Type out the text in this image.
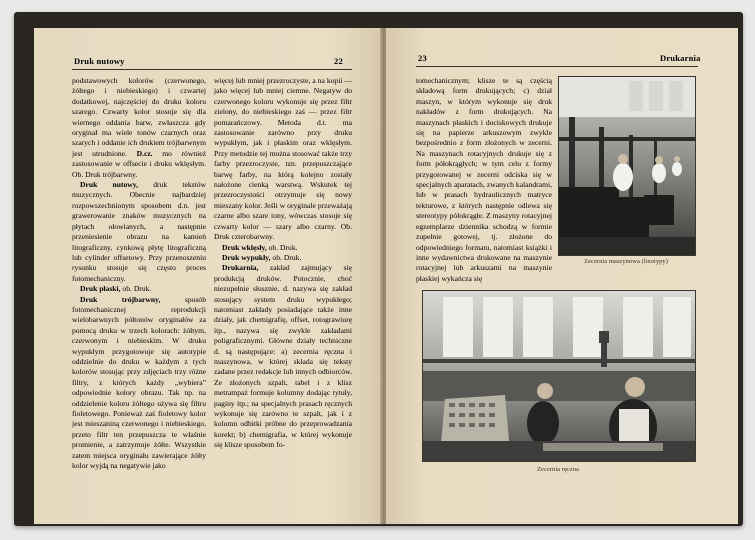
Druk nutowy	22

podstawowych kolorów (czerwonego, żółtego i niebieskiego) i czwartej dodatkowej, najczęściej do druku koloru szarego. Czwarty kolor stosuje się dla wiernego oddania barw, zwłaszcza gdy oryginał ma wiele tonów czarnych oraz szarych i oddanie ich drukiem trójbarwnym jest utrudnione. D.cz. mo również zastosowanie w offsecie i druku wklęsłym. Ob. Druk trójbarwny.

Druk nutowy, druk tekstów muzycznych. Obecnie najbardziej rozpowszechnionym sposobem d.n. jest grawerowanie znaków muzycznych na płytach ołowianych, a następnie przeniesienie obrazu na kamień litograficzny, cynkową płytę litograficzną lub cylinder offsetowy. Przy przenoszeniu rysunku stosuje się często proces fotomechaniczny.

Druk płaski, ob. Druk.

Druk trójbarwny, sposób fotomechanicznej reprodukcji wielobarwnych półtonów oryginałów za pomocą druku w trzech kolorach: żółtym, czerwonym i niebieskim. W druku wypukłym przygotowuje się autotypie oddzielnie do druku w każdym z tych kolorów stosując przy zdjęciach trzy różne filtry, z których każdy „wybiera” odpowiednie kolory obrazu. Tak np. na oddzielenie koloru żółtego używa się filtru fioletowego. Ponieważ zaś fioletowy kolor jest mieszaniną czerwonego i niebieskiego, przeto filtr ten przepuszcza te właśnie promienie, a zatrzymuje żółte. Wszystkie zatem miejsca oryginału zawierające żółty kolor wyjdą na negatywie jako

więcej lub mniej przezroczyste, a na kopii — jako więcej lub mniej ciemne. Negatyw do czerwonego koloru wykonuje się przez filtr zielony, do niebieskiego zaś — przez filtr pomarańczowy. Metoda d.t. ma zastosowanie zarówno przy druku wypukłym, jak i płaskim oraz wklęsłym. Przy metodzie tej można stosować także trzy farby przezroczyste, tzn. przepuszczające barwę farby, na którą kolejno zostały nałożone cienką warstwą. Wskutek tej przezroczystości otrzymuje się nowy mieszany kolor. Jeśli w oryginale przeważają czarne albo szare tony, wówczas stosuje się czwarty kolor — szary albo czarny. Ob. Druk czterobarwny.

Druk wklęsły, ob. Druk.

Druk wypukły, ob. Druk.

Drukarnia, zakład zajmujący się produkcją druków. Potocznie, choć niezupełnie słusznie, d. nazywa się zakład stosujący system druku wypukłego; natomiast zakłady posiadające także inne działy, jak chemigrafię, offset, rotograwiurę itp., nazywa się zwykle zakładami poligraficznymi. Główne działy techniczne d. są następujące: a) zecernia ręczna i maszynowa, w której składa się teksty zadane przez redakcje lub innych odbiorców. Ze złożonych szpalt, tabel i z klisz metrampaż formuje kolumny dodając tytuły, paginy itp.; na specjalnych prasach ręcznych wykonuje się zarówno te szpalt, jak i z kolumn odbitki próbne do przeprowadzania korekt; b) chemigrafia, w której wykonuje się klisze sposobem fo-

23	Drukarnia

tomechanicznym; klisze te są częścią składową form drukujących; c) dział maszyn, w którym wykonuje się druk nakładów z form drukujących. Na maszynach płaskich i dociskowych drukuje się na papierze arkuszowym zwykle bezpośrednio z form złożonych w zecerni. Na maszynach rotacyjnych drukuje się z form półokrągłych; w tym celu z formy przygotowanej w zecerni odciska się w specjalnych aparatach, zwanych kalandrami, lub w prasach hydraulicznych matryce tekturowe, z których następnie odlewa się stereotypy półokrągłe. Z maszyny rotacyjnej egzemplarze dziennika schodzą w formie zupełnie gotowej, tj. złożone do odpowiedniego formatu, natomiast książki i inne wydawnictwa drukowane na maszynie rotacyjnej lub arkuszami na maszynie płaskiej wykańcza się

Zecernia maszynowa (linotypy)
Zecernia ręczna
